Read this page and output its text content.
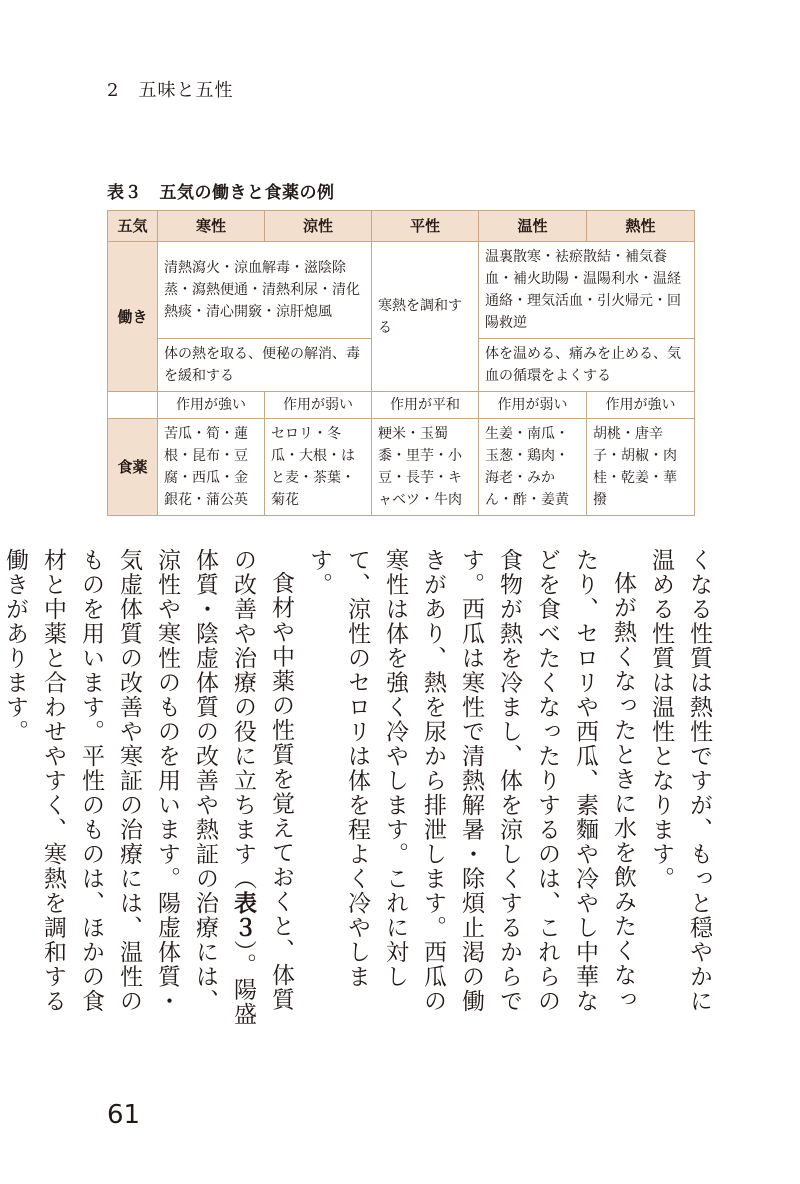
2　五味と五性
表３　五気の働きと食薬の例
五気	寒性	涼性	平性	温性	熱性
働き	清熱瀉火・涼血解毒・滋陰除蒸・瀉熱便通・清熱利尿・清化熱痰・清心開竅・涼肝熄風		寒熱を調和する	温裏散寒・袪瘀散結・補気養血・補火助陽・温陽利水・温経通絡・理気活血・引火帰元・回陽救逆	
	体の熱を取る、便秘の解消、毒を緩和する			体を温める、痛みを止める、気血の循環をよくする	
	作用が強い	作用が弱い	作用が平和	作用が弱い	作用が強い
食薬	苦瓜・筍・蓮根・昆布・豆腐・西瓜・金銀花・蒲公英	セロリ・冬瓜・大根・はと麦・茶葉・菊花	粳米・玉蜀黍・里芋・小豆・長芋・キャベツ・牛肉	生姜・南瓜・玉葱・鶏肉・海老・みかん・酢・姜黄	胡桃・唐辛子・胡椒・肉桂・乾姜・華撥

くなる性質は熱性ですが、もっと穏やかに温める性質は温性となります。

体が熱くなったときに水を飲みたくなったり、セロリや西瓜、素麵や冷やし中華などを食べたくなったりするのは、これらの食物が熱を冷まし、体を涼しくするからです。西瓜は寒性で清熱解暑・除煩止渇の働きがあり、熱を尿から排泄します。西瓜の寒性は体を強く冷やします。これに対して、涼性のセロリは体を程よく冷やします。

食材や中薬の性質を覚えておくと、体質の改善や治療の役に立ちます（表３）。陽盛体質・陰虚体質の改善や熱証の治療には、涼性や寒性のものを用います。陽虚体質・気虚体質の改善や寒証の治療には、温性のものを用います。平性のものは、ほかの食材と中薬と合わせやすく、寒熱を調和する働きがあります。

61
